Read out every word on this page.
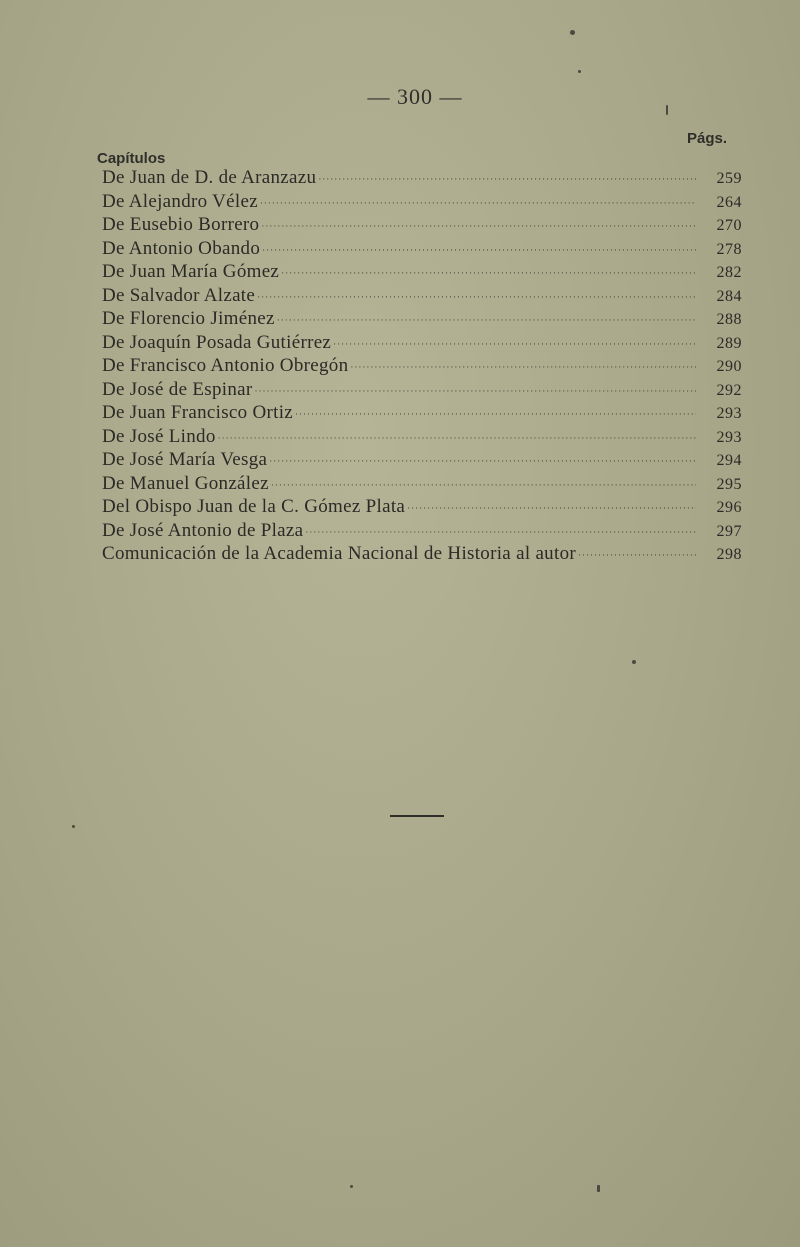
— 300 —
Capítulos
Págs.
De Juan de D. de Aranzazu ·····	259
De Alejandro Vélez ·····	264
De Eusebio Borrero ·····	270
De Antonio Obando ·····	278
De Juan María Gómez ·····	282
De Salvador Alzate ·····	284
De Florencio Jiménez ·····	288
De Joaquín Posada Gutiérrez ·····	289
De Francisco Antonio Obregón ·····	290
De José de Espinar ·····	292
De Juan Francisco Ortiz ·····	293
De José Lindo ·····	293
De José María Vesga ·····	294
De Manuel González ·····	295
Del Obispo Juan de la C. Gómez Plata ·····	296
De José Antonio de Plaza ·····	297
Comunicación de la Academia Nacional de Historia al autor ·····	298
